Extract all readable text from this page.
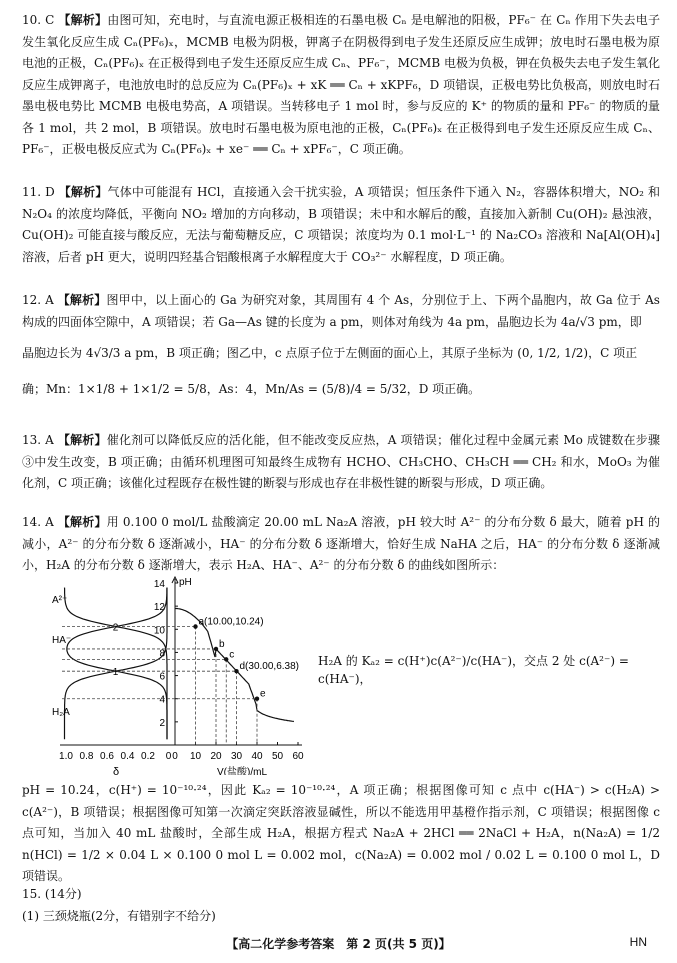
10. C 【解析】由图可知，充电时，与直流电源正极相连的石墨电极 Cₙ 是电解池的阳极，PF₆⁻ 在 Cₙ 作用下失去电子发生氧化反应生成 Cₙ(PF₆)ₓ，MCMB 电极为阴极，钾离子在阴极得到电子发生还原反应生成钾；放电时石墨电极为原电池的正极，Cₙ(PF₆)ₓ 在正极得到电子发生还原反应生成 Cₙ、PF₆⁻，MCMB 电极为负极，钾在负极失去电子发生氧化反应生成钾离子，电池放电时的总反应为 Cₙ(PF₆)ₓ + xK ══ Cₙ + xKPF₆，D 项错误，正极电势比负极高，则放电时石墨电极电势比 MCMB 电极电势高，A 项错误。当转移电子 1 mol 时，参与反应的 K⁺ 的物质的量和 PF₆⁻ 的物质的量各 1 mol，共 2 mol，B 项错误。放电时石墨电极为原电池的正极，Cₙ(PF₆)ₓ 在正极得到电子发生还原反应生成 Cₙ、PF₆⁻，正极电极反应式为 Cₙ(PF₆)ₓ + xe⁻ ══ Cₙ + xPF₆⁻，C 项正确。
11. D 【解析】气体中可能混有 HCl，直接通入会干扰实验，A 项错误；恒压条件下通入 N₂，容器体积增大，NO₂ 和 N₂O₄ 的浓度均降低，平衡向 NO₂ 增加的方向移动，B 项错误；未中和水解后的酸，直接加入新制 Cu(OH)₂ 悬浊液，Cu(OH)₂ 可能直接与酸反应，无法与葡萄糖反应，C 项错误；浓度均为 0.1 mol·L⁻¹ 的 Na₂CO₃ 溶液和 Na[Al(OH)₄] 溶液，后者 pH 更大，说明四羟基合铝酸根离子水解程度大于 CO₃²⁻ 水解程度，D 项正确。
12. A 【解析】图甲中，以上面心的 Ga 为研究对象，其周围有 4 个 As，分别位于上、下两个晶胞内，故 Ga 位于 As 构成的四面体空隙中，A 项错误；若 Ga—As 键的长度为 a pm，则体对角线为 4a pm，晶胞边长为 4a/√3 pm，即
晶胞边长为 4√3/3 a pm，B 项正确；图乙中，c 点原子位于左侧面的面心上，其原子坐标为 (0, 1/2, 1/2)，C 项正
确；Mn：1×1/8 + 1×1/2 = 5/8，As：4，Mn/As = (5/8)/4 = 5/32，D 项正确。
13. A 【解析】催化剂可以降低反应的活化能，但不能改变反应热，A 项错误；催化过程中金属元素 Mo 成键数在步骤③中发生改变，B 项正确；由循环机理图可知最终生成物有 HCHO、CH₃CHO、CH₃CH ══ CH₂ 和水，MoO₃ 为催化剂，C 项正确；该催化过程既存在极性键的断裂与形成也存在非极性键的断裂与形成，D 项正确。
14. A 【解析】用 0.100 0 mol/L 盐酸滴定 20.00 mL Na₂A 溶液，pH 较大时 A²⁻ 的分布分数 δ 最大，随着 pH 的减小，A²⁻ 的分布分数 δ 逐渐减小，HA⁻ 的分布分数 δ 逐渐增大，恰好生成 NaHA 之后，HA⁻ 的分布分数 δ 逐渐减小，H₂A 的分布分数 δ 逐渐增大，表示 H₂A、HA⁻、A²⁻ 的分布分数 δ 的曲线如图所示：
2
4
6
8
10
12
14 pH
0 10 20 30 40 50 60
1.0 0.8 0.6 0.4 0.2 0
V(盐酸)/mL
δ
a(10.00,10.24)
b
c
d(30.00,6.38)
e
A²⁻
HA⁻
H₂A
1
2
H₂A 的 Kₐ₂ = c(H⁺)c(A²⁻)/c(HA⁻)，交点 2 处 c(A²⁻) = c(HA⁻)，
pH = 10.24，c(H⁺) = 10⁻¹⁰·²⁴，因此 Kₐ₂ = 10⁻¹⁰·²⁴，A 项正确；根据图像可知 c 点中 c(HA⁻) > c(H₂A) > c(A²⁻)，B 项错误；根据图像可知第一次滴定突跃溶液显碱性，所以不能选用甲基橙作指示剂，C 项错误；根据图像 c 点可知，当加入 40 mL 盐酸时，全部生成 H₂A，根据方程式 Na₂A + 2HCl ══ 2NaCl + H₂A，n(Na₂A) = 1/2 n(HCl) = 1/2 × 0.04 L × 0.100 0 mol L = 0.002 mol，c(Na₂A) = 0.002 mol / 0.02 L = 0.100 0 mol L，D 项错误。
15. (14分)
(1) 三颈烧瓶(2分，有错别字不给分)
【高二化学参考答案　第 2 页(共 5 页)】	HN
